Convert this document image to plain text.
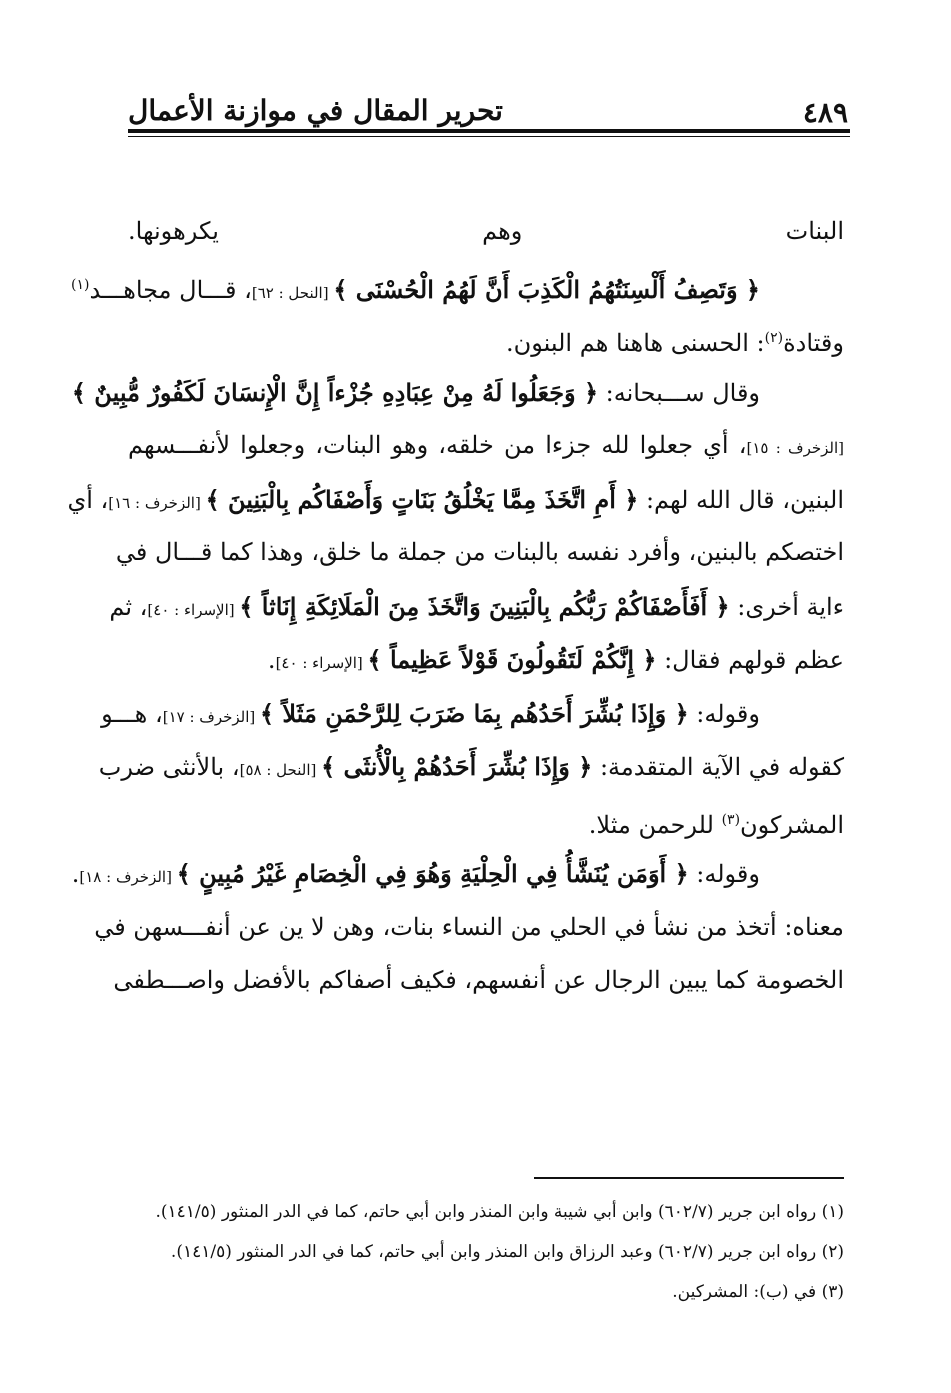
٤٨٩
تحرير المقال في موازنة الأعمال
البنات وهم يكرهونها.
﴿ وَتَصِفُ أَلْسِنَتُهُمُ الْكَذِبَ أَنَّ لَهُمُ الْحُسْنَى ﴾ [النحل : ٦٢]، قـــال مجاهـــد$^{(١)}$
وقتادة$^{(٢)}$: الحسنى هاهنا هم البنون.
وقال ســـبحانه: ﴿ وَجَعَلُوا لَهُ مِنْ عِبَادِهِ جُزْءاً إِنَّ الْإِنسَانَ لَكَفُورٌ مُّبِينٌ ﴾
[الزخرف : ١٥]، أي جعلوا لله جزءا من خلقه، وهو البنات، وجعلوا لأنفـــسهم
البنين، قال الله لهم: ﴿ أَمِ اتَّخَذَ مِمَّا يَخْلُقُ بَنَاتٍ وَأَصْفَاكُم بِالْبَنِينَ ﴾ [الزخرف : ١٦]، أي
اختصكم بالبنين، وأفرد نفسه بالبنات من جملة ما خلق، وهذا كما قـــال في
ءاية أخرى: ﴿ أَفَأَصْفَاكُمْ رَبُّكُم بِالْبَنِينَ وَاتَّخَذَ مِنَ الْمَلَائِكَةِ إِنَاثاً ﴾ [الإسراء : ٤٠]، ثم
عظم قولهم فقال: ﴿ إِنَّكُمْ لَتَقُولُونَ قَوْلاً عَظِيماً ﴾ [الإسراء : ٤٠].
وقوله: ﴿ وَإِذَا بُشِّرَ أَحَدُهُم بِمَا ضَرَبَ لِلرَّحْمَنِ مَثَلاً ﴾ [الزخرف : ١٧]، هـــو
كقوله في الآية المتقدمة: ﴿ وَإِذَا بُشِّرَ أَحَدُهُمْ بِالْأُنثَى ﴾ [النحل : ٥٨]، بالأنثى ضرب
المشركون$^{(٣)}$ للرحمن مثلا.
وقوله: ﴿ أَوَمَن يُنَشَّأُ فِي الْحِلْيَةِ وَهُوَ فِي الْخِصَامِ غَيْرُ مُبِينٍ ﴾ [الزخرف : ١٨].
معناه: أتخذ من نشأ في الحلي من النساء بنات، وهن لا ين عن أنفـــسهن في
الخصومة كما يبين الرجال عن أنفسهم، فكيف أصفاكم بالأفضل واصـــطفى
(١) رواه ابن جرير (٦٠٢/٧) وابن أبي شيبة وابن المنذر وابن أبي حاتم، كما في الدر المنثور (١٤١/٥).
(٢) رواه ابن جرير (٦٠٢/٧) وعبد الرزاق وابن المنذر وابن أبي حاتم، كما في الدر المنثور (١٤١/٥).
(٣) في (ب): المشركين.
